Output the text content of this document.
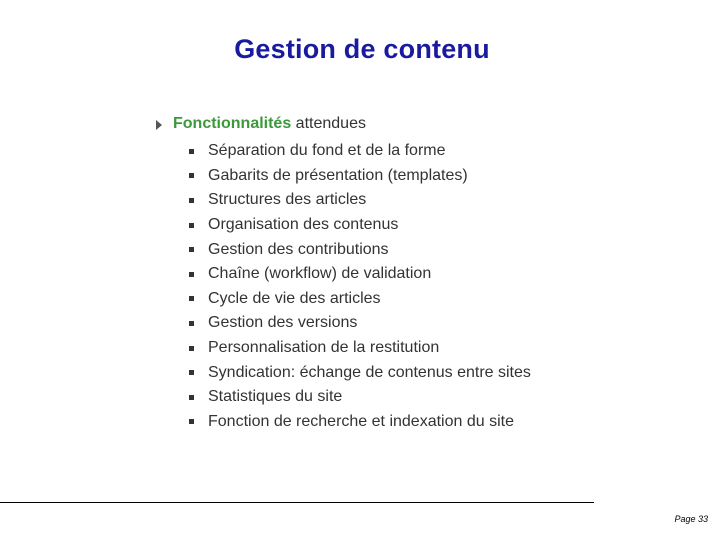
Gestion de contenu
Fonctionnalités attendues
Séparation du fond et de la forme
Gabarits de présentation (templates)
Structures des articles
Organisation des contenus
Gestion des contributions
Chaîne (workflow) de validation
Cycle de vie des articles
Gestion des versions
Personnalisation de la restitution
Syndication: échange de contenus entre sites
Statistiques du site
Fonction de recherche et indexation du site
Page 33
